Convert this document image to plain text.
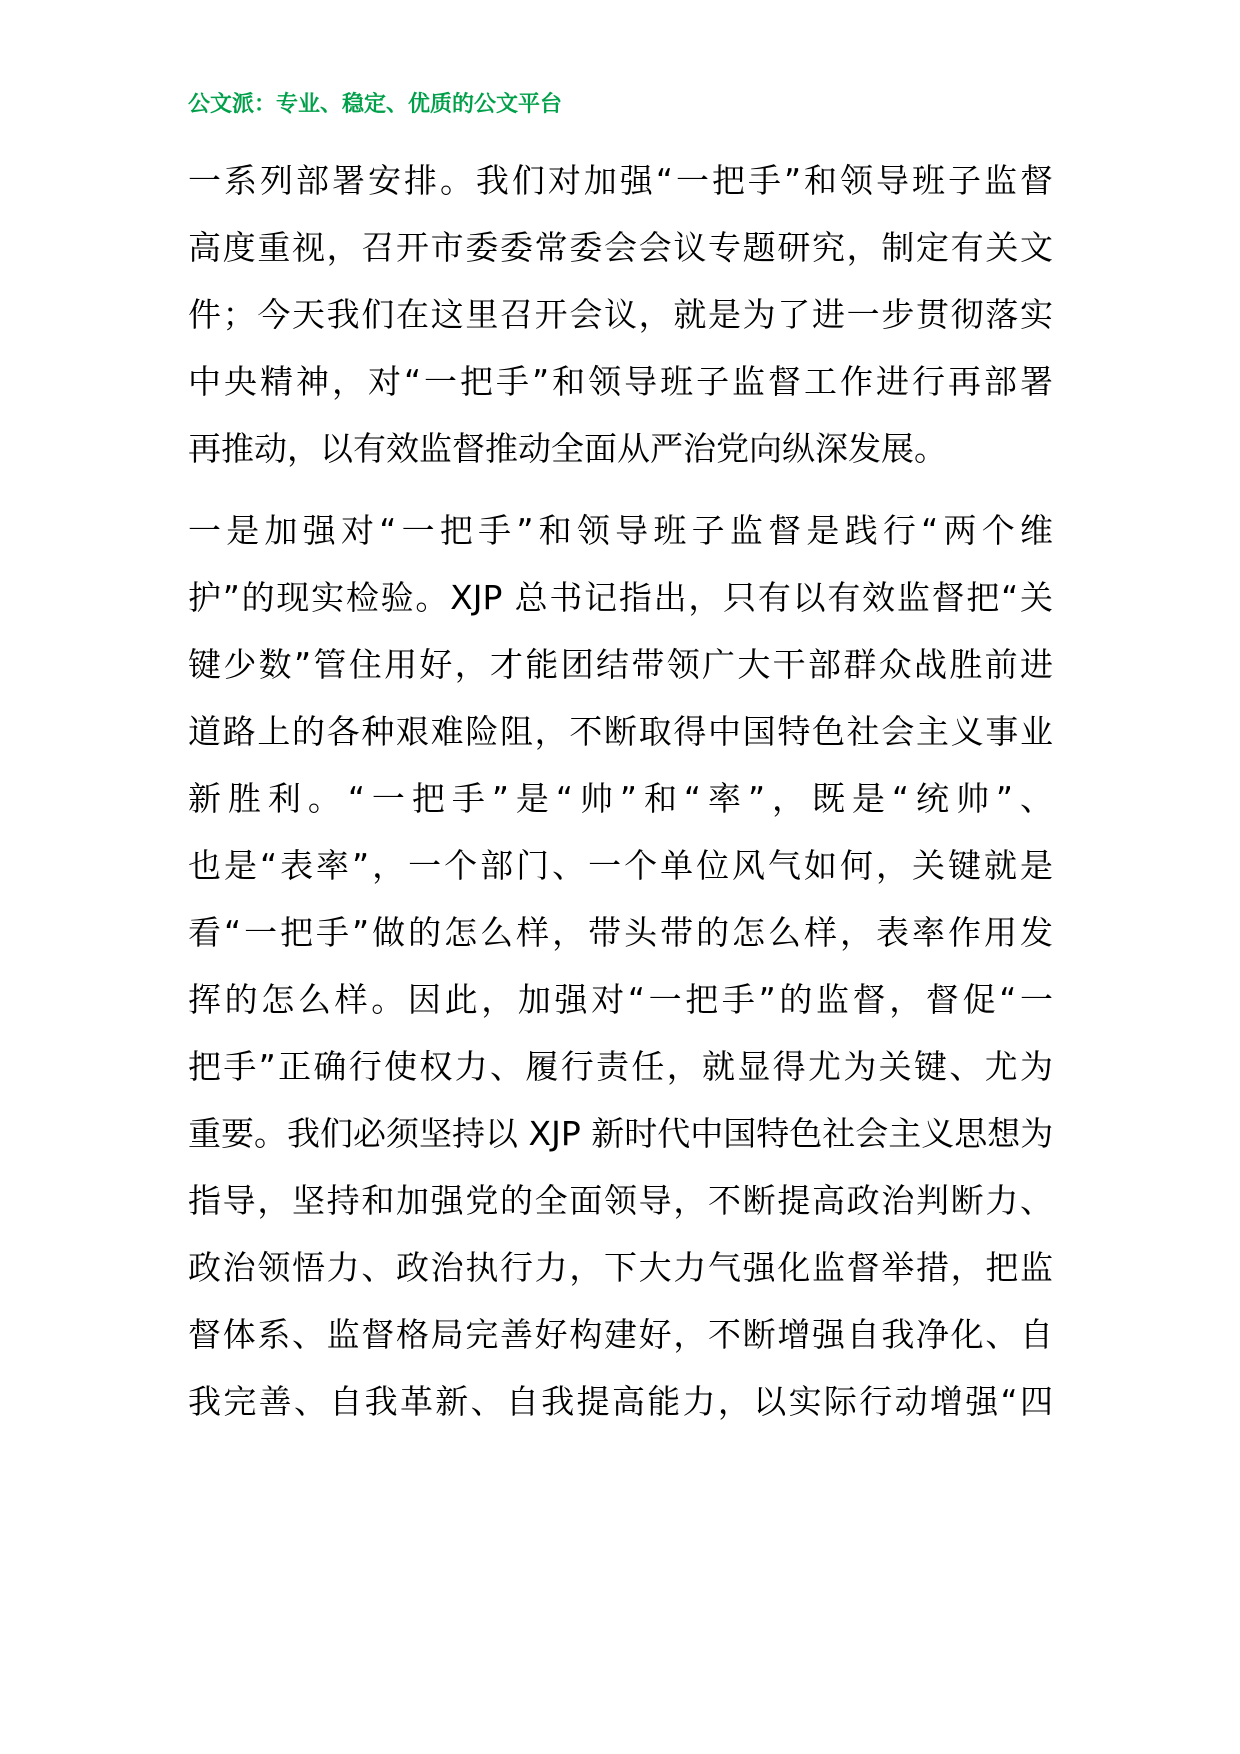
公文派：专业、稳定、优质的公文平台
一系列部署安排。我们对加强“一把手”和领导班子监督
高度重视，召开市委委常委会会议专题研究，制定有关文
件；今天我们在这里召开会议，就是为了进一步贯彻落实
中央精神，对“一把手”和领导班子监督工作进行再部署
再推动，以有效监督推动全面从严治党向纵深发展。
一是加强对“一把手”和领导班子监督是践行“两个维
护”的现实检验。XJP 总书记指出，只有以有效监督把“关
键少数”管住用好，才能团结带领广大干部群众战胜前进
道路上的各种艰难险阻，不断取得中国特色社会主义事业
新胜利。“一把手”是“帅”和“率”，既是“统帅”、
也是“表率”，一个部门、一个单位风气如何，关键就是
看“一把手”做的怎么样，带头带的怎么样，表率作用发
挥的怎么样。因此，加强对“一把手”的监督，督促“一
把手”正确行使权力、履行责任，就显得尤为关键、尤为
重要。我们必须坚持以 XJP 新时代中国特色社会主义思想为
指导，坚持和加强党的全面领导，不断提高政治判断力、
政治领悟力、政治执行力，下大力气强化监督举措，把监
督体系、监督格局完善好构建好，不断增强自我净化、自
我完善、自我革新、自我提高能力，以实际行动增强“四
